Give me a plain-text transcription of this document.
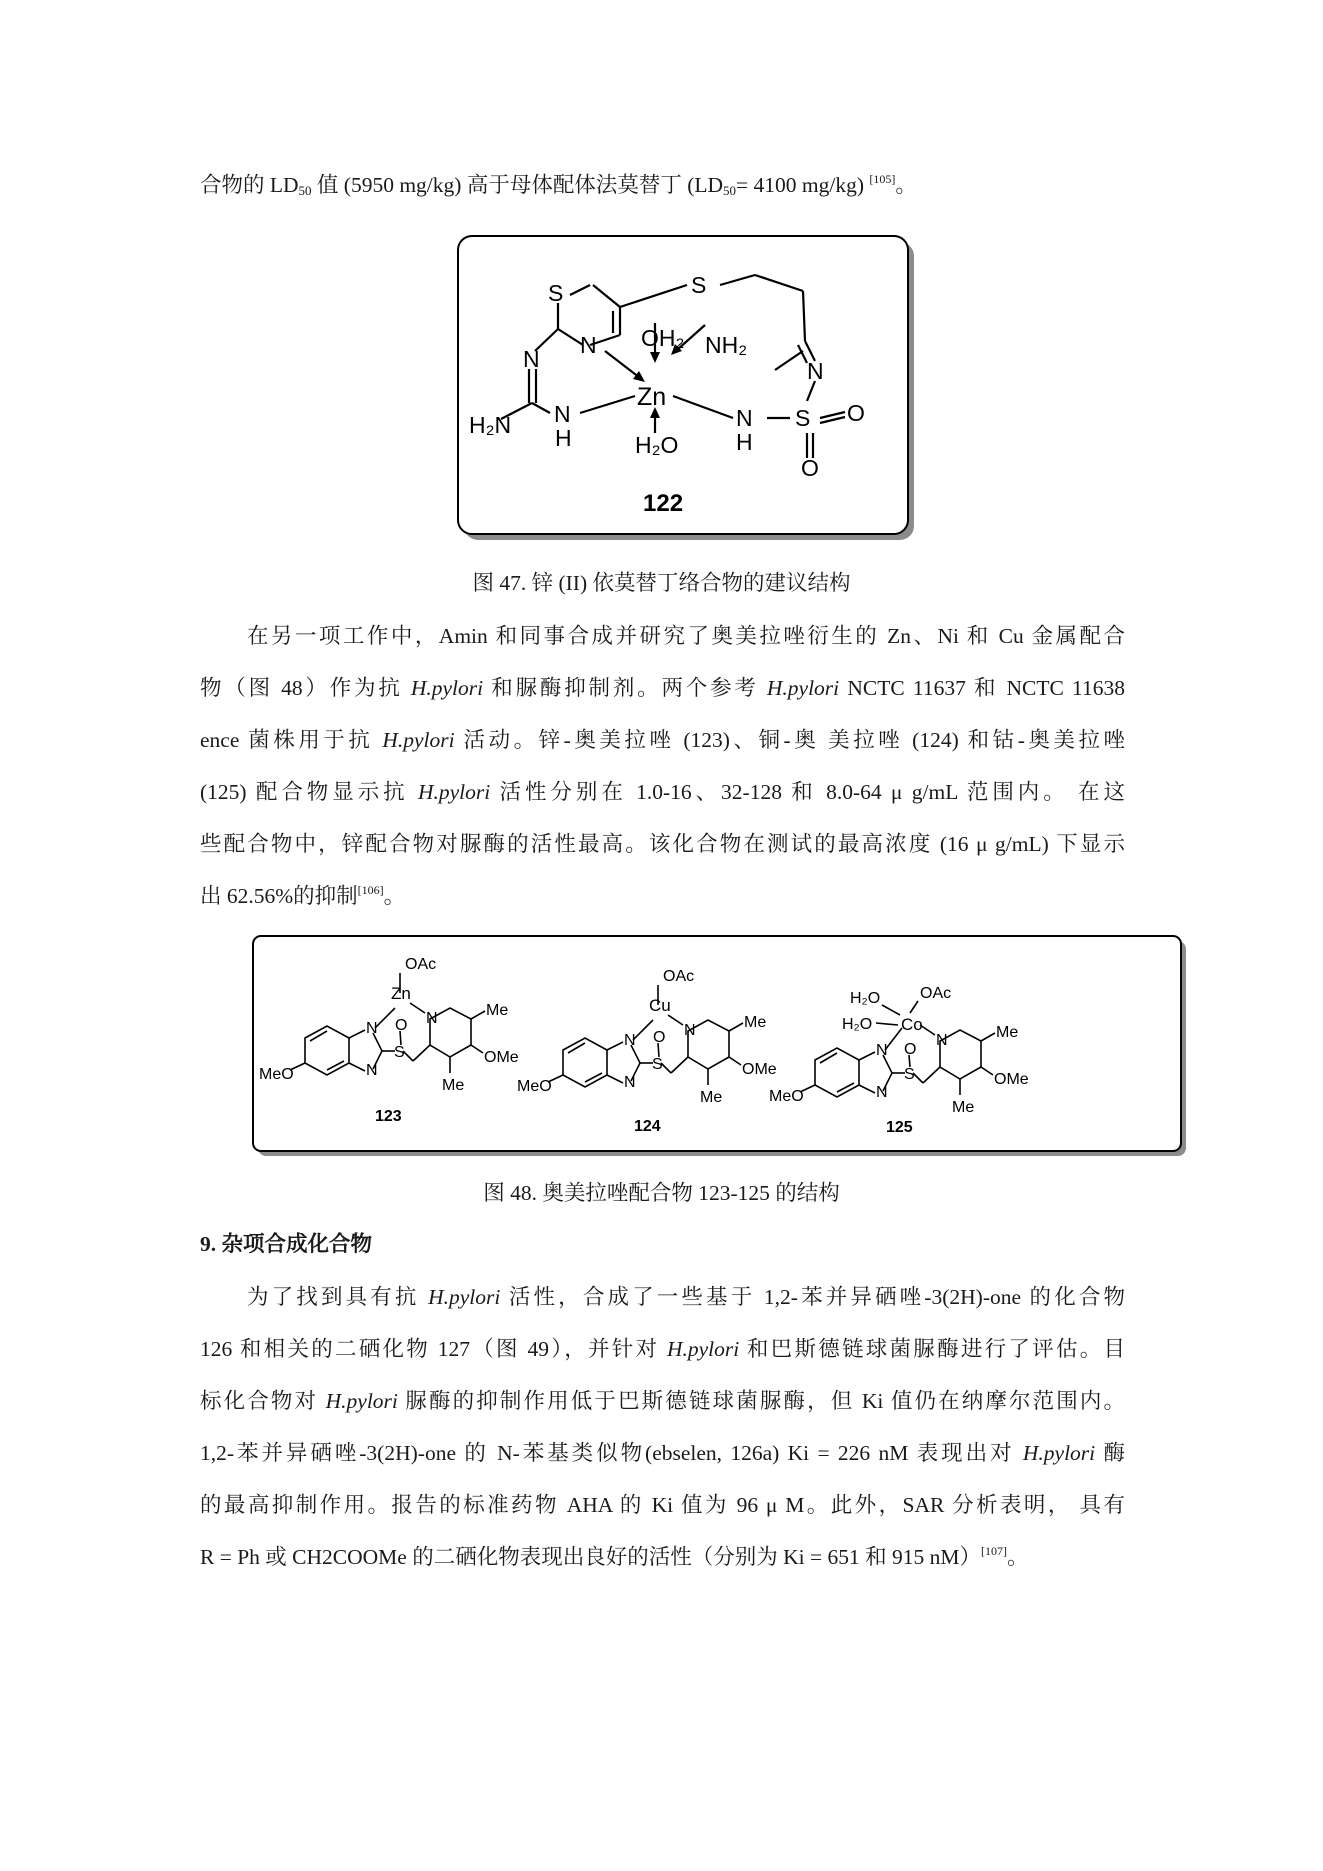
合物的 $LD_{50}$ 值 (5950 mg/kg) 高于母体配体法莫替丁 ($LD_{50}= 4100$ mg/kg) [105]。
S	S
N
N
N
H
H₂N
OH₂ NH₂
Zn
H₂O
N
N
H
S O
O
122
图 47. 锌 (II) 依莫替丁络合物的建议结构
在另一项工作中，Amin 和同事合成并研究了奥美拉唑衍生的 Zn、Ni 和 Cu 金属配合
物（图 48）作为抗 H.pylori 和脲酶抑制剂。两个参考 H.pylori NCTC 11637 和 NCTC 11638
ence 菌株用于抗 H.pylori 活动。锌-奥美拉唑 (123)、铜-奥 美拉唑 (124) 和钴-奥美拉唑
(125) 配合物显示抗 H.pylori 活性分别在 1.0-16、32-128 和 8.0-64 μ g/mL 范围内。 在这
些配合物中，锌配合物对脲酶的活性最高。该化合物在测试的最高浓度 (16 μ g/mL) 下显示
出 62.56%的抑制[106]。
OAc
Zn
N
N
S
O N	Me
OMe
Me
MeO
123
OAc
Cu
N
N
S
O N	Me
OMe
Me
MeO
124
OAc
H₂O
H₂O Co
N
N
S
O
N	Me
OMe
Me
MeO
125
图 48. 奥美拉唑配合物 123-125 的结构
9. 杂项合成化合物
为了找到具有抗 H.pylori 活性，合成了一些基于 1,2-苯并异硒唑-3(2H)-one 的化合物
126 和相关的二硒化物 127（图 49），并针对 H.pylori 和巴斯德链球菌脲酶进行了评估。目
标化合物对 H.pylori 脲酶的抑制作用低于巴斯德链球菌脲酶，但 Ki 值仍在纳摩尔范围内。
1,2-苯并异硒唑-3(2H)-one 的 N-苯基类似物(ebselen, 126a) Ki = 226 nM 表现出对 H.pylori 酶
的最高抑制作用。报告的标准药物 AHA 的 Ki 值为 96 μ M。此外，SAR 分析表明， 具有
R = Ph 或 CH2COOMe 的二硒化物表现出良好的活性（分别为 Ki = 651 和 915 nM）[107]。
